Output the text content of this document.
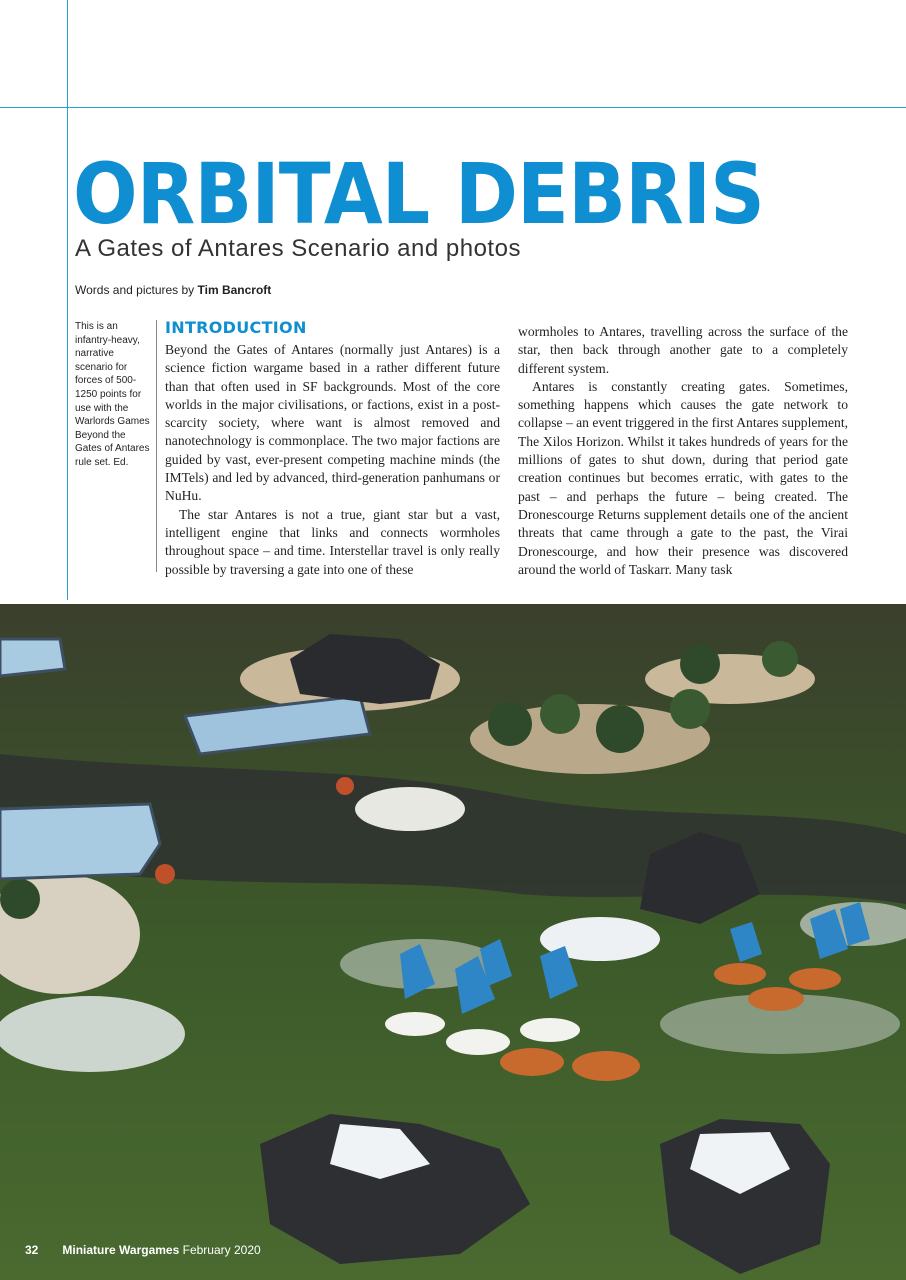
ORBITAL DEBRIS
A Gates of Antares Scenario and photos
Words and pictures by Tim Bancroft

This is an infantry-heavy, narrative scenario for forces of 500-1250 points for use with the Warlords Games Beyond the Gates of Antares rule set. Ed.

INTRODUCTION

Beyond the Gates of Antares (normally just Antares) is a science fiction wargame based in a rather different future than that often used in SF backgrounds. Most of the core worlds in the major civilisations, or factions, exist in a post-scarcity society, where want is almost removed and nanotechnology is commonplace. The two major factions are guided by vast, ever-present competing machine minds (the IMTels) and led by advanced, third-generation panhumans or NuHu.

The star Antares is not a true, giant star but a vast, intelligent engine that links and connects wormholes throughout space – and time. Interstellar travel is only really possible by traversing a gate into one of these

wormholes to Antares, travelling across the surface of the star, then back through another gate to a completely different system.

Antares is constantly creating gates. Sometimes, something happens which causes the gate network to collapse – an event triggered in the first Antares supplement, The Xilos Horizon. Whilst it takes hundreds of years for the millions of gates to shut down, during that period gate creation continues but becomes erratic, with gates to the past – and perhaps the future – being created. The Dronescourge Returns supplement details one of the ancient threats that came through a gate to the past, the Virai Dronescourge, and how their presence was discovered around the world of Taskarr. Many task

32 Miniature Wargames February 2020
